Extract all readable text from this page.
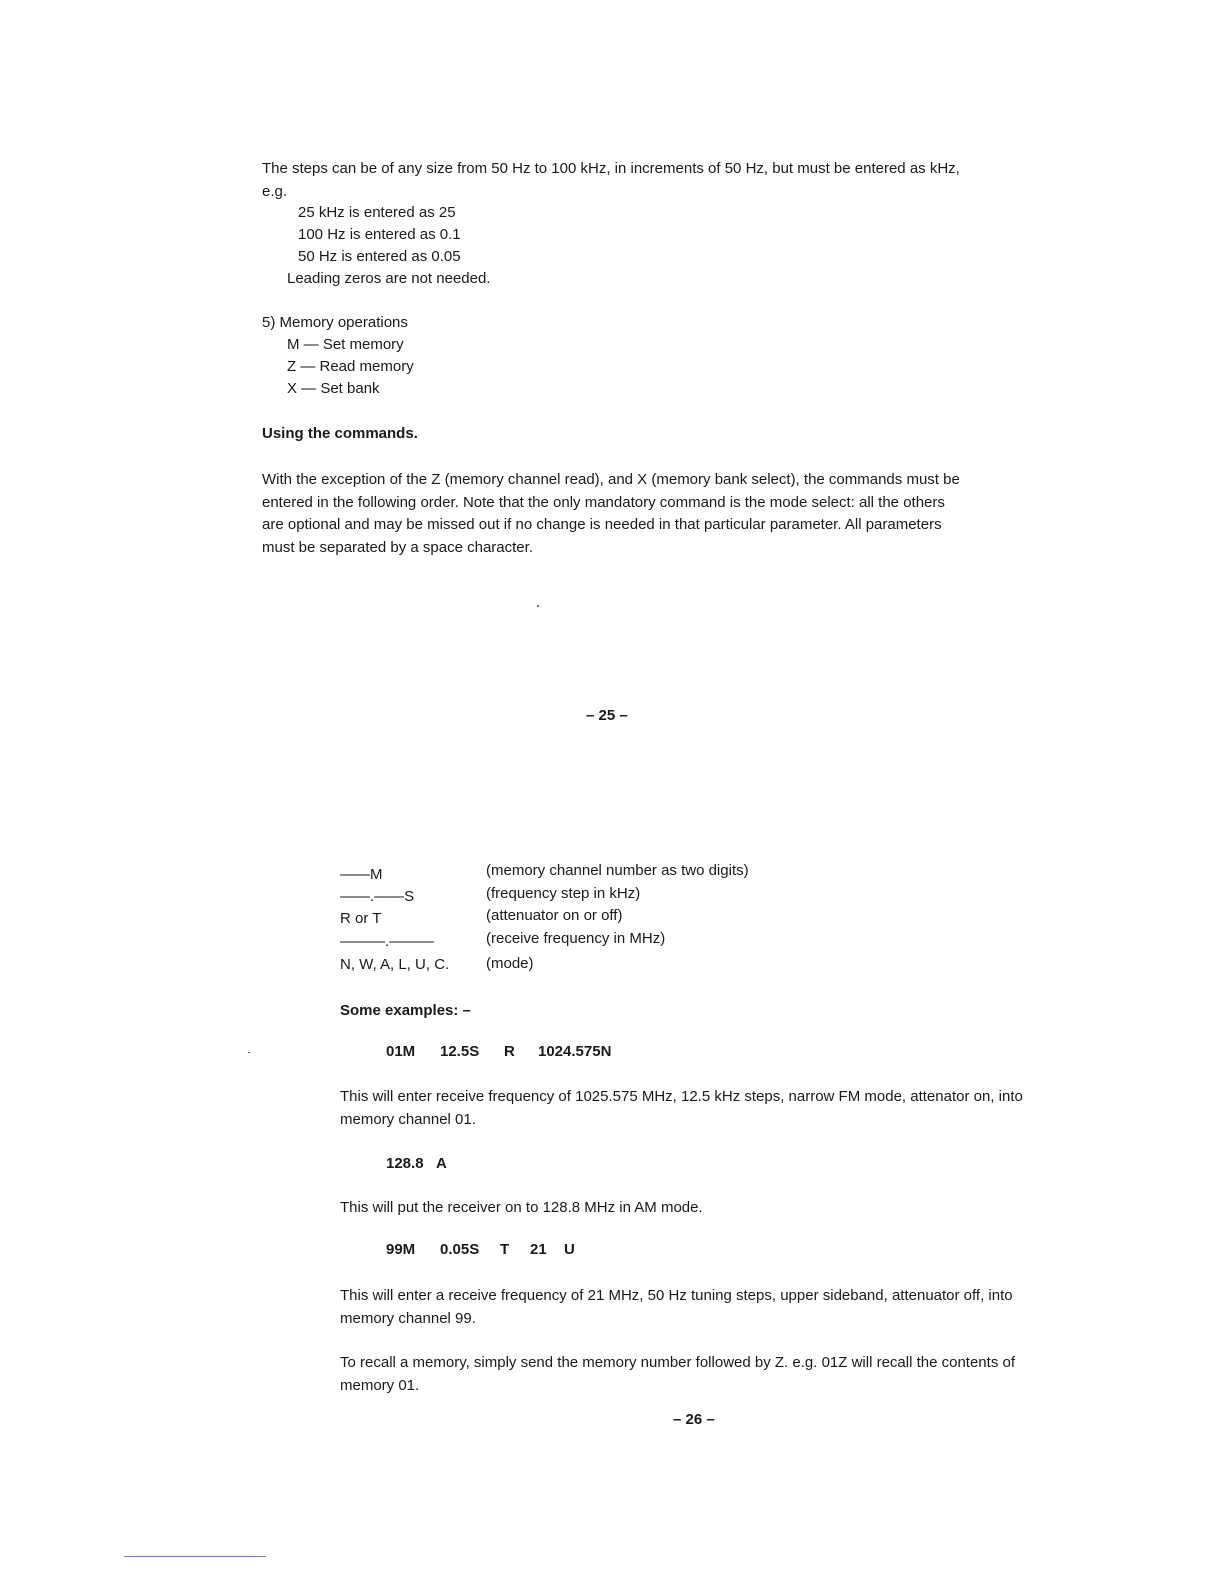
The steps can be of any size from 50 Hz to 100 kHz, in increments of 50 Hz, but must be entered as kHz, e.g.
25 kHz is entered as 25
100 Hz is entered as 0.1
50 Hz is entered as 0.05
Leading zeros are not needed.
5) Memory operations
M — Set memory
Z — Read memory
X — Set bank
Using the commands.
With the exception of the Z (memory channel read), and X (memory bank select), the commands must be entered in the following order. Note that the only mandatory command is the mode select: all the others are optional and may be missed out if no change is needed in that particular parameter. All parameters must be separated by a space character.
– 25 –
——M	(memory channel number as two digits)
——.——S	(frequency step in kHz)
R or T	(attenuator on or off)
———.———	(receive frequency in MHz)
N, W, A, L, U, C. (mode)
Some examples: –
01M 12.5S R 1024.575N
This will enter receive frequency of 1025.575 MHz, 12.5 kHz steps, narrow FM mode, attenator on, into memory channel 01.
128.8 A
This will put the receiver on to 128.8 MHz in AM mode.
99M 0.05S T 21 U
This will enter a receive frequency of 21 MHz, 50 Hz tuning steps, upper sideband, attenuator off, into memory channel 99.
To recall a memory, simply send the memory number followed by Z. e.g. 01Z will recall the contents of memory 01.
– 26 –
